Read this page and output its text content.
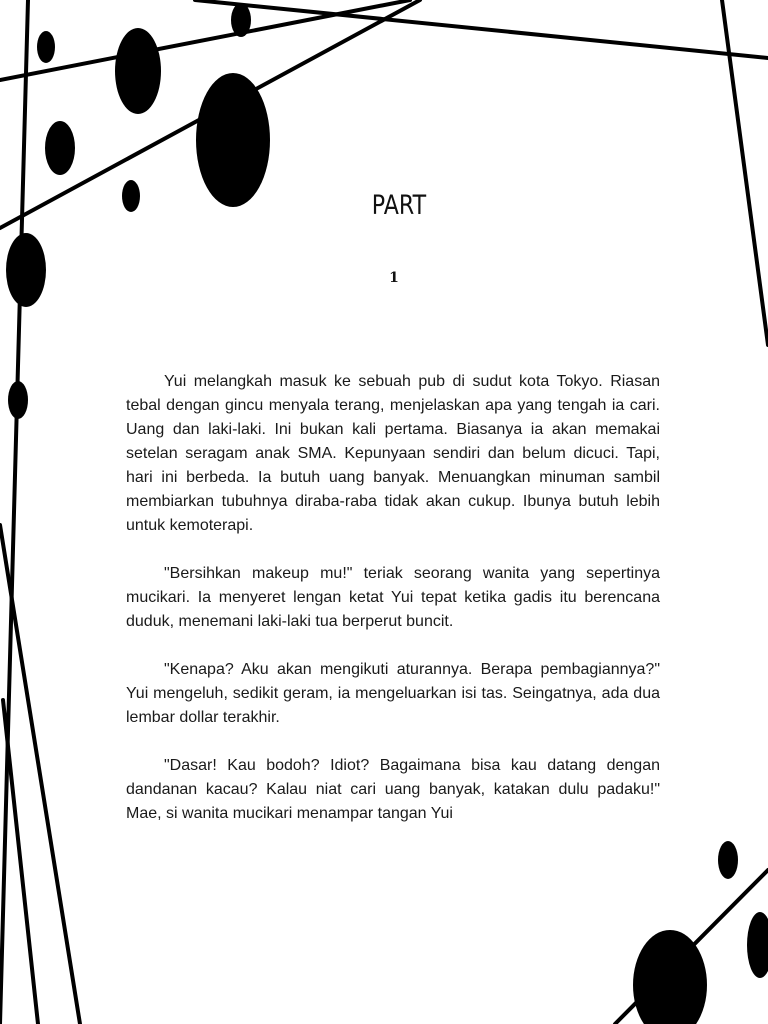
PART
1

Yui melangkah masuk ke sebuah pub di sudut kota Tokyo. Riasan tebal dengan gincu menyala terang, menjelaskan apa yang tengah ia cari. Uang dan laki-laki. Ini bukan kali pertama. Biasanya ia akan memakai setelan seragam anak SMA. Kepunyaan sendiri dan belum dicuci. Tapi, hari ini berbeda. Ia butuh uang banyak. Menuangkan minuman sambil membiarkan tubuhnya diraba-raba tidak akan cukup. Ibunya butuh lebih untuk kemoterapi.

"Bersihkan makeup mu!" teriak seorang wanita yang sepertinya mucikari. Ia menyeret lengan ketat Yui tepat ketika gadis itu berencana duduk, menemani laki-laki tua berperut buncit.

"Kenapa? Aku akan mengikuti aturannya. Berapa pembagiannya?" Yui mengeluh, sedikit geram, ia mengeluarkan isi tas. Seingatnya, ada dua lembar dollar terakhir.

"Dasar! Kau bodoh? Idiot? Bagaimana bisa kau datang dengan dandanan kacau? Kalau niat cari uang banyak, katakan dulu padaku!" Mae, si wanita mucikari menampar tangan Yui
